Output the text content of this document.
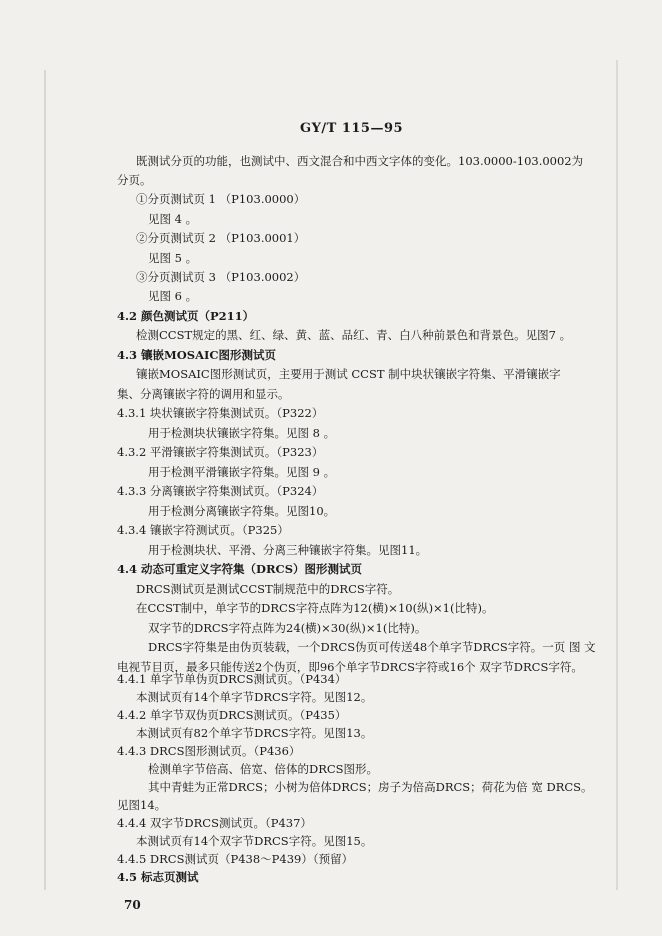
GY/T 115—95
既测试分页的功能，也测试中、西文混合和中西文字体的变化。103.0000-103.0002为
分页。
①分页测试页 1 （P103.0000）
见图 4 。
②分页测试页 2 （P103.0001）
见图 5 。
③分页测试页 3 （P103.0002）
见图 6 。
4.2 颜色测试页（P211）
检测CCST规定的黑、红、绿、黄、蓝、品红、青、白八种前景色和背景色。见图7 。
4.3 镶嵌MOSAIC图形测试页
镶嵌MOSAIC图形测试页，主要用于测试 CCST 制中块状镶嵌字符集、平滑镶嵌字
集、分离镶嵌字符的调用和显示。
4.3.1 块状镶嵌字符集测试页。（P322）
用于检测块状镶嵌字符集。见图 8 。
4.3.2 平滑镶嵌字符集测试页。（P323）
用于检测平滑镶嵌字符集。见图 9 。
4.3.3 分离镶嵌字符集测试页。（P324）
用于检测分离镶嵌字符集。见图10。
4.3.4 镶嵌字符测试页。（P325）
用于检测块状、平滑、分离三种镶嵌字符集。见图11。
4.4 动态可重定义字符集（DRCS）图形测试页
DRCS测试页是测试CCST制规范中的DRCS字符。
在CCST制中，单字节的DRCS字符点阵为12(横)×10(纵)×1(比特)。
双字节的DRCS字符点阵为24(横)×30(纵)×1(比特)。
DRCS字符集是由伪页装载，一个DRCS伪页可传送48个单字节DRCS字符。一页 图 文
电视节目页，最多只能传送2个伪页，即96个单字节DRCS字符或16个 双字节DRCS字符。
4.4.1 单字节单伪页DRCS测试页。（P434）
本测试页有14个单字节DRCS字符。见图12。
4.4.2 单字节双伪页DRCS测试页。（P435）
本测试页有82个单字节DRCS字符。见图13。
4.4.3 DRCS图形测试页。（P436）
检测单字节倍高、倍宽、倍体的DRCS图形。
其中青蛙为正常DRCS；小树为倍体DRCS；房子为倍高DRCS；荷花为倍 宽 DRCS。
见图14。
4.4.4 双字节DRCS测试页。（P437）
本测试页有14个双字节DRCS字符。见图15。
4.4.5 DRCS测试页（P438～P439）（预留）
4.5 标志页测试
70
